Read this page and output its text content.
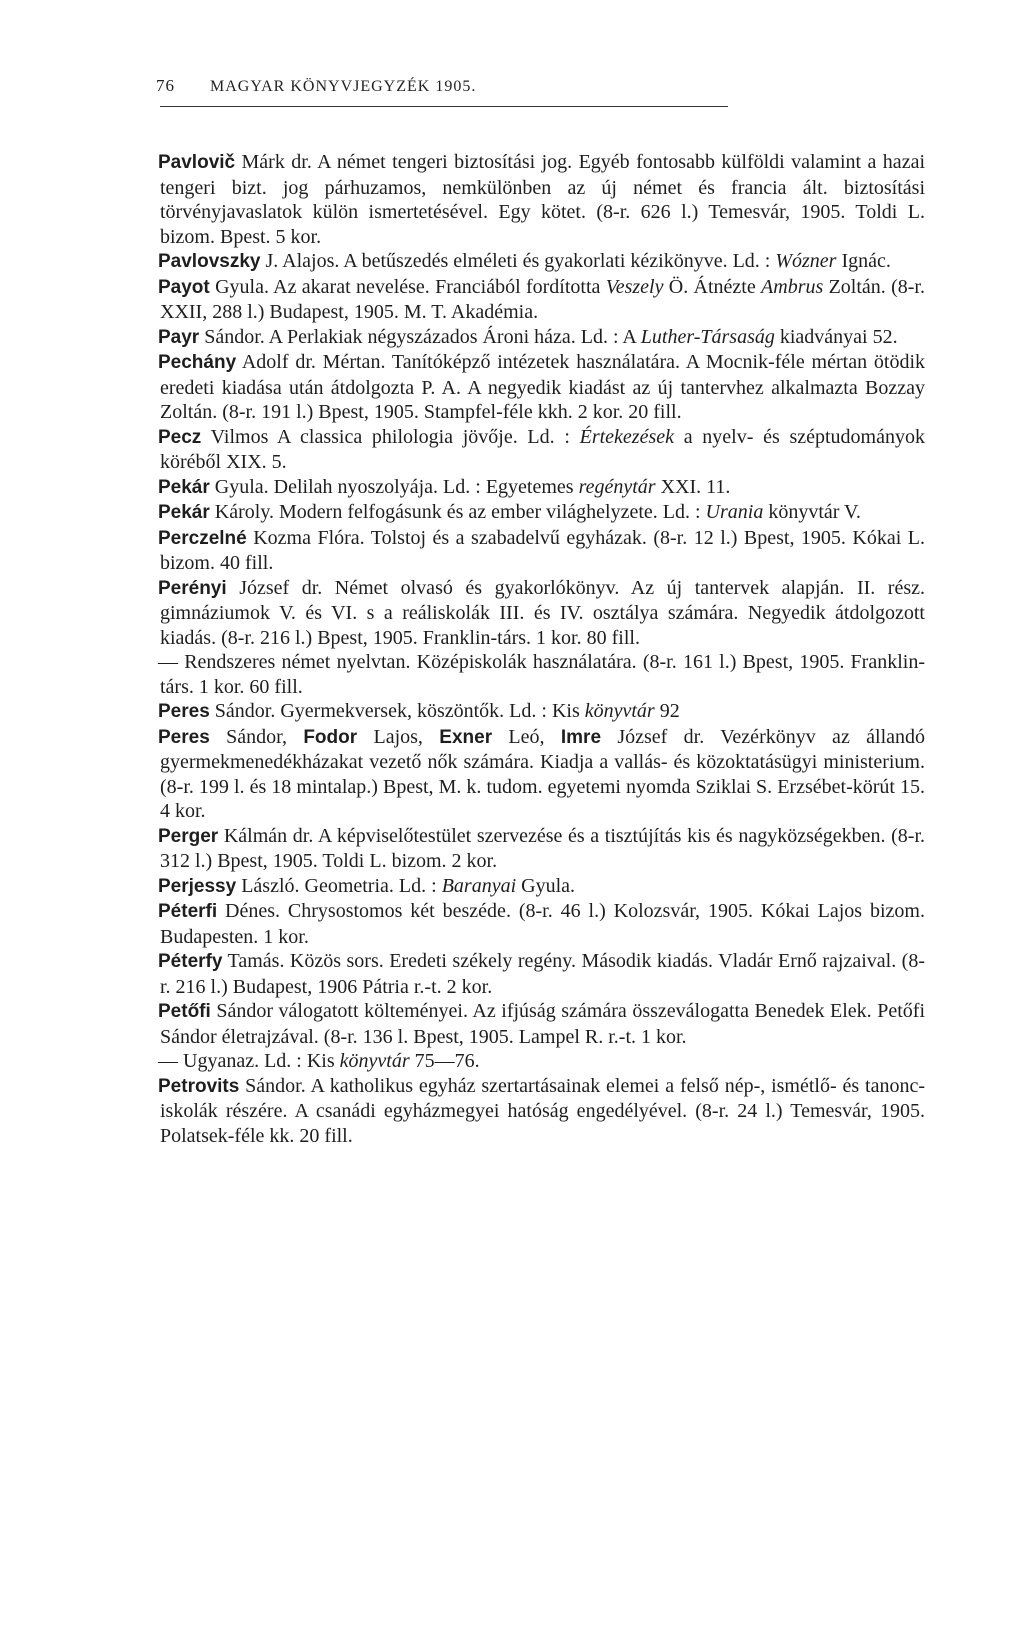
76 MAGYAR KÖNYVJEGYZÉK 1905.
Pavlovič Márk dr. A német tengeri biztosítási jog. Egyéb fontosabb külföldi valamint a hazai tengeri bizt. jog párhuzamos, nemkülönben az új német és francia ált. biztosítási törvényjavaslatok külön ismertetésével. Egy kötet. (8-r. 626 l.) Temesvár, 1905. Toldi L. bizom. Bpest. 5 kor.
Pavlovszky J. Alajos. A betűszedés elméleti és gyakorlati kézikönyve. Ld. : Wózner Ignác.
Payot Gyula. Az akarat nevelése. Franciából fordította Veszely Ö. Átnézte Ambrus Zoltán. (8-r. XXII, 288 l.) Budapest, 1905. M. T. Akadémia.
Payr Sándor. A Perlakiak négyszázados Ároni háza. Ld. : A Luther-Társaság kiadványai 52.
Pechány Adolf dr. Mértan. Tanítóképző intézetek használatára. A Mocnik-féle mértan ötödik eredeti kiadása után átdolgozta P. A. A negyedik kiadást az új tantervhez alkalmazta Bozzay Zoltán. (8-r. 191 l.) Bpest, 1905. Stampfel-féle kkh. 2 kor. 20 fill.
Pecz Vilmos A classica philologia jövője. Ld. : Értekezések a nyelv- és széptudományok köréből XIX. 5.
Pekár Gyula. Delilah nyoszolyája. Ld. : Egyetemes regénytár XXI. 11.
Pekár Károly. Modern felfogásunk és az ember világhelyzete. Ld. : Urania könyvtár V.
Perczelné Kozma Flóra. Tolstoj és a szabadelvű egyházak. (8-r. 12 l.) Bpest, 1905. Kókai L. bizom. 40 fill.
Perényi József dr. Német olvasó és gyakorlókönyv. Az új tantervek alapján. II. rész. gimnáziumok V. és VI. s a reáliskolák III. és IV. osztálya számára. Negyedik átdolgozott kiadás. (8-r. 216 l.) Bpest, 1905. Franklin-társ. 1 kor. 80 fill.
— Rendszeres német nyelvtan. Középiskolák használatára. (8-r. 161 l.) Bpest, 1905. Franklin-társ. 1 kor. 60 fill.
Peres Sándor. Gyermekversek, köszöntők. Ld. : Kis könyvtár 92
Peres Sándor, Fodor Lajos, Exner Leó, Imre József dr. Vezérkönyv az állandó gyermekmenedékházakat vezető nők számára. Kiadja a vallás- és közoktatásügyi ministerium. (8-r. 199 l. és 18 mintalap.) Bpest, M. k. tudom. egyetemi nyomda Sziklai S. Erzsébet-körút 15. 4 kor.
Perger Kálmán dr. A képviselőtestület szervezése és a tisztújítás kis és nagyközségekben. (8-r. 312 l.) Bpest, 1905. Toldi L. bizom. 2 kor.
Perjessy László. Geometria. Ld. : Baranyai Gyula.
Péterfi Dénes. Chrysostomos két beszéde. (8-r. 46 l.) Kolozsvár, 1905. Kókai Lajos bizom. Budapesten. 1 kor.
Péterfy Tamás. Közös sors. Eredeti székely regény. Második kiadás. Vladár Ernő rajzaival. (8-r. 216 l.) Budapest, 1906 Pátria r.-t. 2 kor.
Petőfi Sándor válogatott költeményei. Az ifjúság számára összeválogatta Benedek Elek. Petőfi Sándor életrajzával. (8-r. 136 l. Bpest, 1905. Lampel R. r.-t. 1 kor.
— Ugyanaz. Ld. : Kis könyvtár 75—76.
Petrovits Sándor. A katholikus egyház szertartásainak elemei a felső nép-, ismétlő- és tanonc-iskolák részére. A csanádi egyházmegyei hatóság engedélyével. (8-r. 24 l.) Temesvár, 1905. Polatsek-féle kk. 20 fill.
